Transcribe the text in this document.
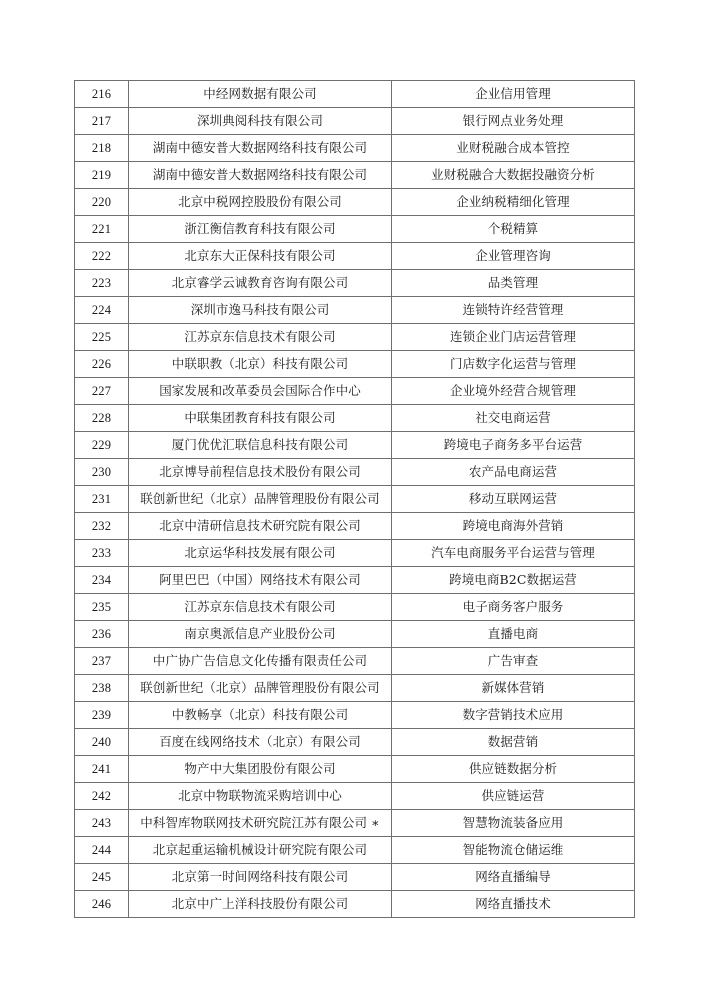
216	中经网数据有限公司	企业信用管理
217	深圳典阅科技有限公司	银行网点业务处理
218	湖南中德安普大数据网络科技有限公司	业财税融合成本管控
219	湖南中德安普大数据网络科技有限公司	业财税融合大数据投融资分析
220	北京中税网控股股份有限公司	企业纳税精细化管理
221	浙江衡信教育科技有限公司	个税精算
222	北京东大正保科技有限公司	企业管理咨询
223	北京睿学云诚教育咨询有限公司	品类管理
224	深圳市逸马科技有限公司	连锁特许经营管理
225	江苏京东信息技术有限公司	连锁企业门店运营管理
226	中联职教（北京）科技有限公司	门店数字化运营与管理
227	国家发展和改革委员会国际合作中心	企业境外经营合规管理
228	中联集团教育科技有限公司	社交电商运营
229	厦门优优汇联信息科技有限公司	跨境电子商务多平台运营
230	北京博导前程信息技术股份有限公司	农产品电商运营
231	联创新世纪（北京）品牌管理股份有限公司	移动互联网运营
232	北京中清研信息技术研究院有限公司	跨境电商海外营销
233	北京运华科技发展有限公司	汽车电商服务平台运营与管理
234	阿里巴巴（中国）网络技术有限公司	跨境电商B2C数据运营
235	江苏京东信息技术有限公司	电子商务客户服务
236	南京奥派信息产业股份公司	直播电商
237	中广协广告信息文化传播有限责任公司	广告审查
238	联创新世纪（北京）品牌管理股份有限公司	新媒体营销
239	中教畅享（北京）科技有限公司	数字营销技术应用
240	百度在线网络技术（北京）有限公司	数据营销
241	物产中大集团股份有限公司	供应链数据分析
242	北京中物联物流采购培训中心	供应链运营
243	中科智库物联网技术研究院江苏有限公司 ∗	智慧物流装备应用
244	北京起重运输机械设计研究院有限公司	智能物流仓储运维
245	北京第一时间网络科技有限公司	网络直播编导
246	北京中广上洋科技股份有限公司	网络直播技术
